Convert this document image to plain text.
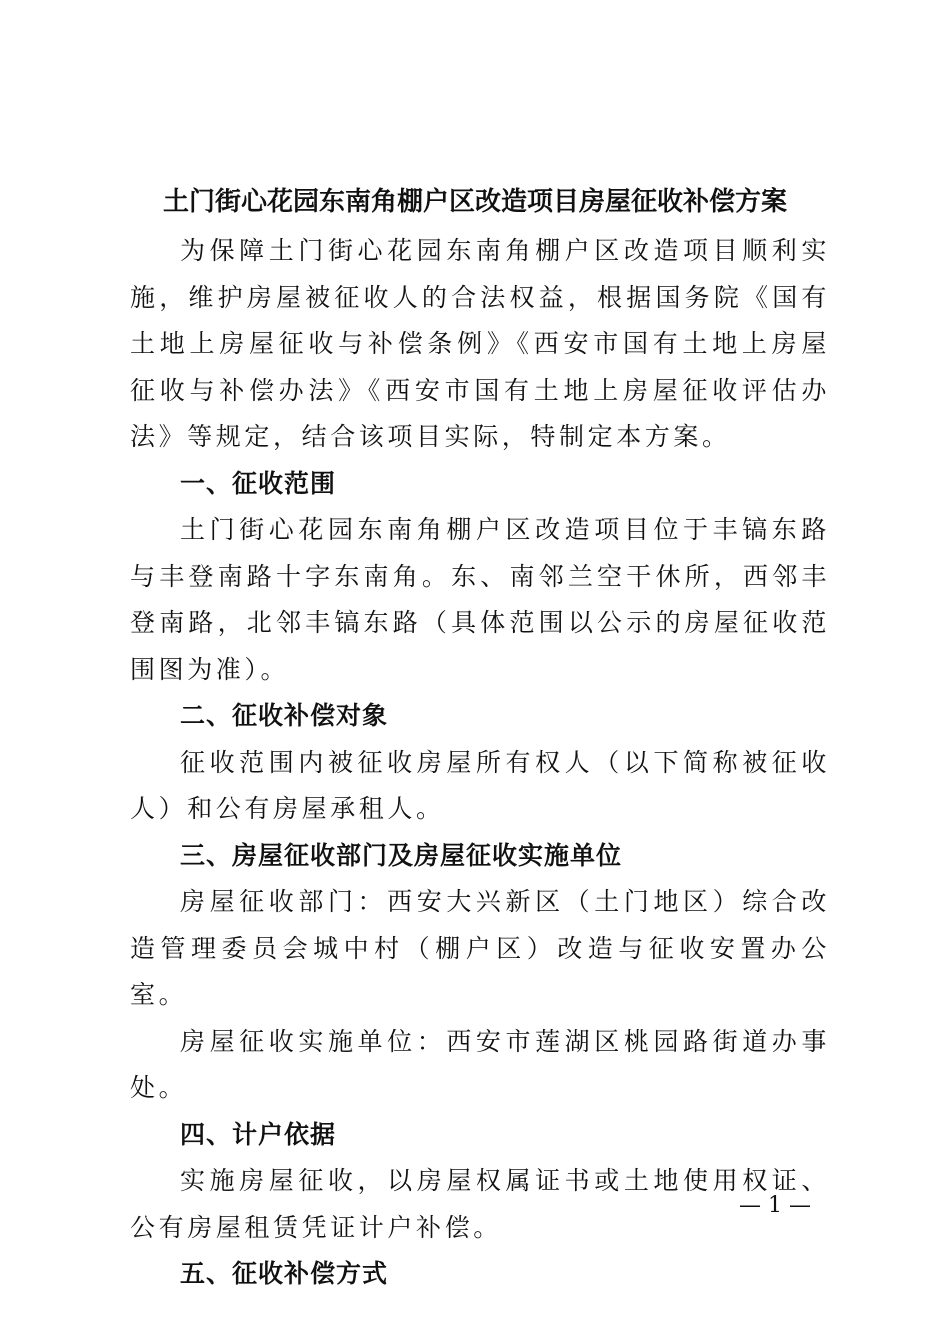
土门街心花园东南角棚户区改造项目房屋征收补偿方案

为保障土门街心花园东南角棚户区改造项目顺利实施，维护房屋被征收人的合法权益，根据国务院《国有土地上房屋征收与补偿条例》《西安市国有土地上房屋征收与补偿办法》《西安市国有土地上房屋征收评估办法》等规定，结合该项目实际，特制定本方案。

一、征收范围

土门街心花园东南角棚户区改造项目位于丰镐东路与丰登南路十字东南角。东、南邻兰空干休所，西邻丰登南路，北邻丰镐东路（具体范围以公示的房屋征收范围图为准）。

二、征收补偿对象

征收范围内被征收房屋所有权人（以下简称被征收人）和公有房屋承租人。

三、房屋征收部门及房屋征收实施单位

房屋征收部门：西安大兴新区（土门地区）综合改造管理委员会城中村（棚户区）改造与征收安置办公室。

房屋征收实施单位：西安市莲湖区桃园路街道办事处。

四、计户依据

实施房屋征收，以房屋权属证书或土地使用权证、公有房屋租赁凭证计户补偿。

五、征收补偿方式
— 1 —
